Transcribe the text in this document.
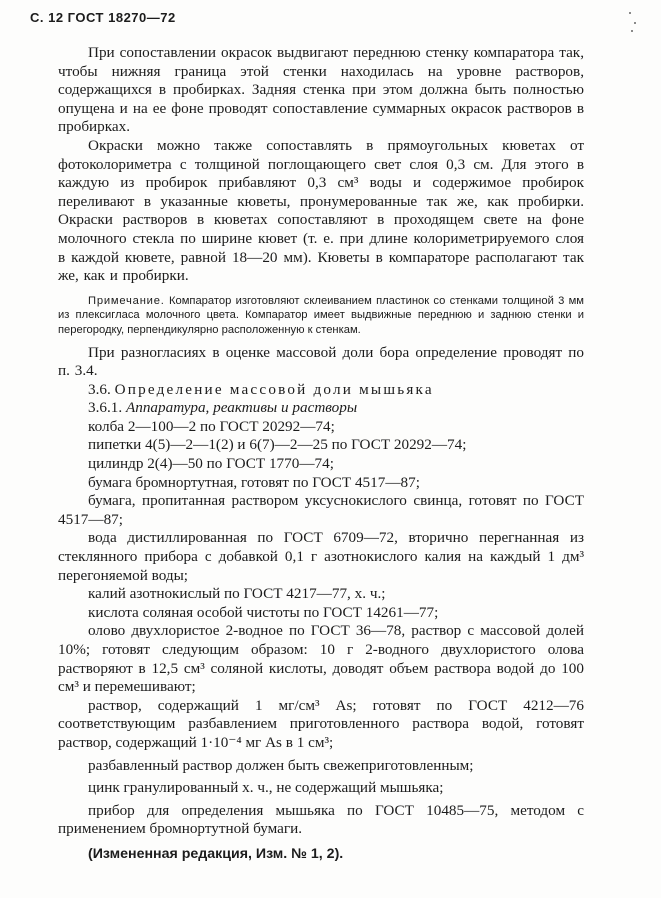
С. 12 ГОСТ 18270—72

При сопоставлении окрасок выдвигают переднюю стенку компаратора так, чтобы нижняя граница этой стенки находилась на уровне растворов, содержащихся в пробирках. Задняя стенка при этом должна быть полностью опущена и на ее фоне проводят сопоставление суммарных окрасок растворов в пробирках.

Окраски можно также сопоставлять в прямоугольных кюветах от фотоколориметра с толщиной поглощающего свет слоя 0,3 см. Для этого в каждую из пробирок прибавляют 0,3 см³ воды и содержимое пробирок переливают в указанные кюветы, пронумерованные так же, как пробирки. Окраски растворов в кюветах сопоставляют в проходящем свете на фоне молочного стекла по ширине кювет (т. е. при длине колориметрируемого слоя в каждой кювете, равной 18—20 мм). Кюветы в компараторе располагают так же, как и пробирки.

Примечание. Компаратор изготовляют склеиванием пластинок со стенками толщиной 3 мм из плексигласа молочного цвета. Компаратор имеет выдвижные переднюю и заднюю стенки и перегородку, перпендикулярно расположенную к стенкам.

При разногласиях в оценке массовой доли бора определение проводят по п. 3.4.

3.6. Определение массовой доли мышьяка

3.6.1. Аппаратура, реактивы и растворы

колба 2—100—2 по ГОСТ 20292—74;

пипетки 4(5)—2—1(2) и 6(7)—2—25 по ГОСТ 20292—74;

цилиндр 2(4)—50 по ГОСТ 1770—74;

бумага бромнортутная, готовят по ГОСТ 4517—87;

бумага, пропитанная раствором уксуснокислого свинца, готовят по ГОСТ 4517—87;

вода дистиллированная по ГОСТ 6709—72, вторично перегнанная из стеклянного прибора с добавкой 0,1 г азотнокислого калия на каждый 1 дм³ перегоняемой воды;

калий азотнокислый по ГОСТ 4217—77, х. ч.;

кислота соляная особой чистоты по ГОСТ 14261—77;

олово двухлористое 2-водное по ГОСТ 36—78, раствор с массовой долей 10%; готовят следующим образом: 10 г 2-водного двухлористого олова растворяют в 12,5 см³ соляной кислоты, доводят объем раствора водой до 100 см³ и перемешивают;

раствор, содержащий 1 мг/см³ As; готовят по ГОСТ 4212—76 соответствующим разбавлением приготовленного раствора водой, готовят раствор, содержащий 1·10⁻⁴ мг As в 1 см³;

разбавленный раствор должен быть свежеприготовленным;

цинк гранулированный х. ч., не содержащий мышьяка;

прибор для определения мышьяка по ГОСТ 10485—75, методом с применением бромнортутной бумаги.

(Измененная редакция, Изм. № 1, 2).
